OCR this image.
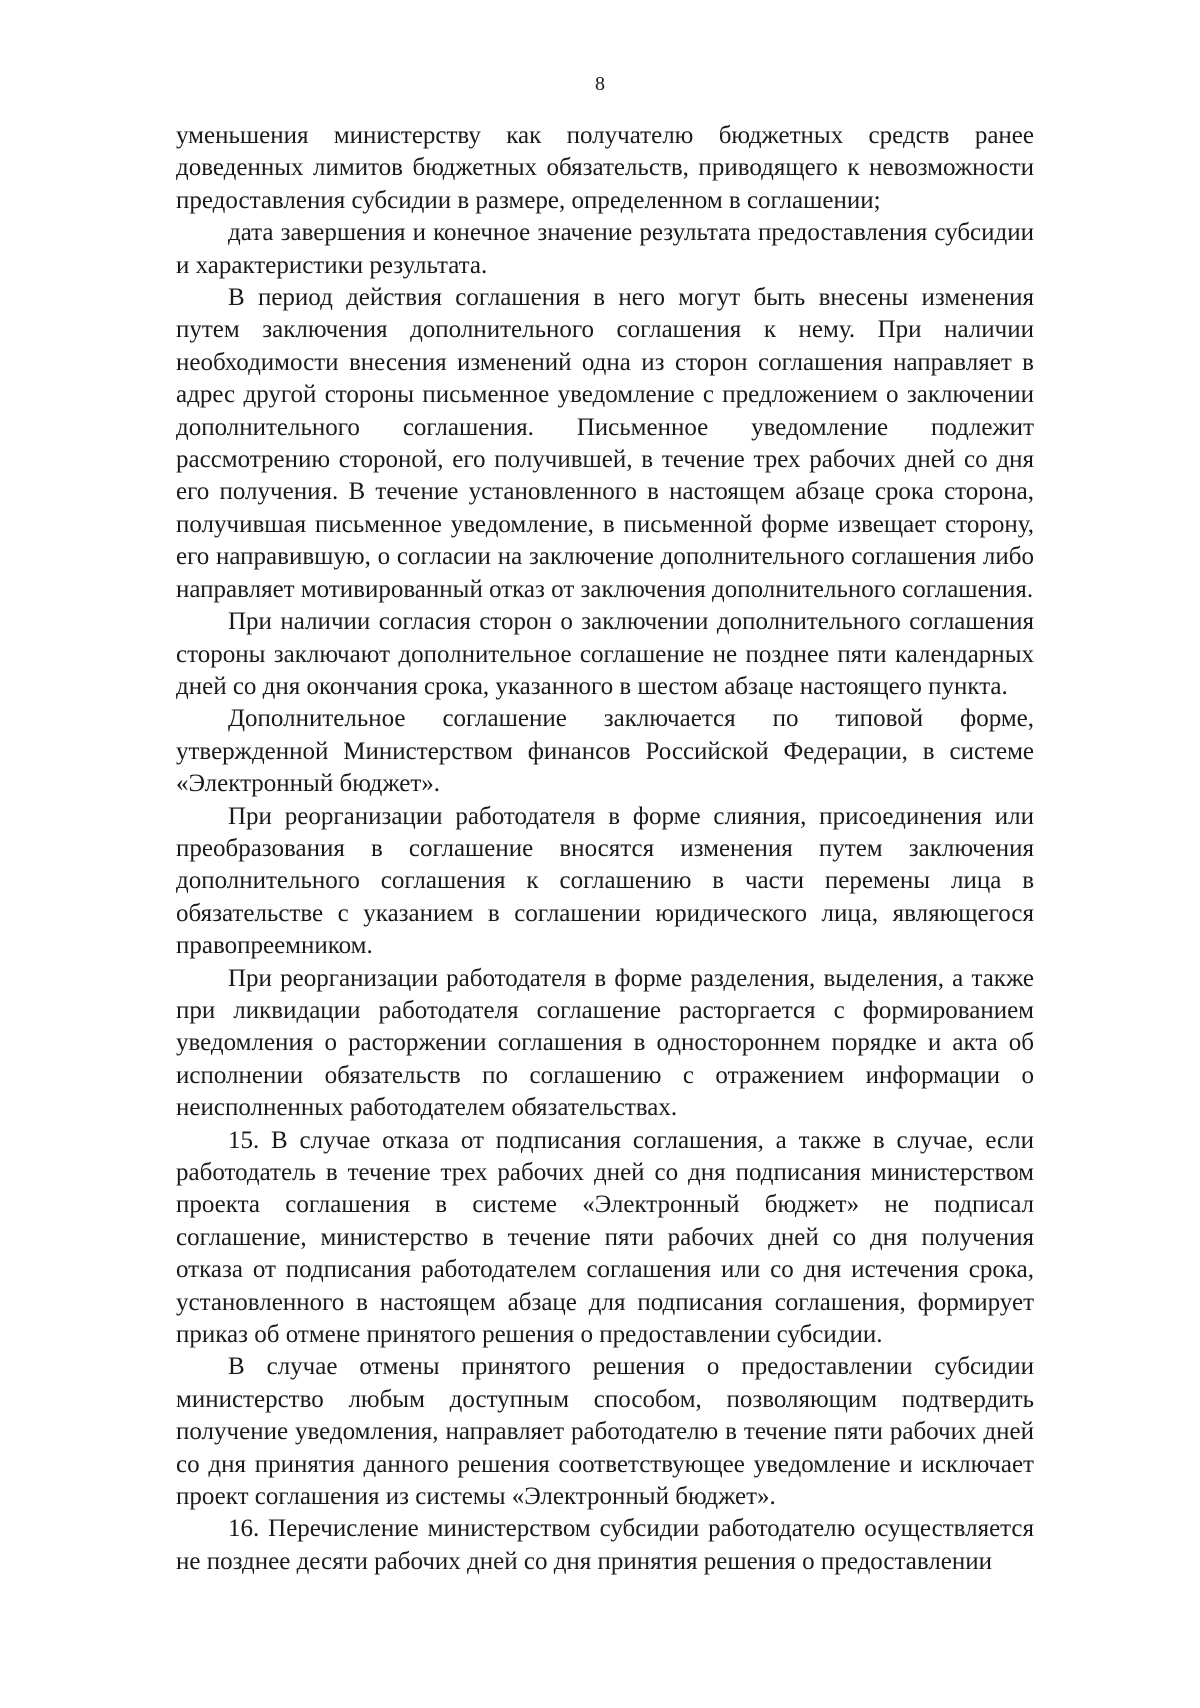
8

уменьшения министерству как получателю бюджетных средств ранее доведенных лимитов бюджетных обязательств, приводящего к невозможности предоставления субсидии в размере, определенном в соглашении;

дата завершения и конечное значение результата предоставления субсидии и характеристики результата.

В период действия соглашения в него могут быть внесены изменения путем заключения дополнительного соглашения к нему. При наличии необходимости внесения изменений одна из сторон соглашения направляет в адрес другой стороны письменное уведомление с предложением о заключении дополнительного соглашения. Письменное уведомление подлежит рассмотрению стороной, его получившей, в течение трех рабочих дней со дня его получения. В течение установленного в настоящем абзаце срока сторона, получившая письменное уведомление, в письменной форме извещает сторону, его направившую, о согласии на заключение дополнительного соглашения либо направляет мотивированный отказ от заключения дополнительного соглашения.

При наличии согласия сторон о заключении дополнительного соглашения стороны заключают дополнительное соглашение не позднее пяти календарных дней со дня окончания срока, указанного в шестом абзаце настоящего пункта.

Дополнительное соглашение заключается по типовой форме, утвержденной Министерством финансов Российской Федерации, в системе «Электронный бюджет».

При реорганизации работодателя в форме слияния, присоединения или преобразования в соглашение вносятся изменения путем заключения дополнительного соглашения к соглашению в части перемены лица в обязательстве с указанием в соглашении юридического лица, являющегося правопреемником.

При реорганизации работодателя в форме разделения, выделения, а также при ликвидации работодателя соглашение расторгается с формированием уведомления о расторжении соглашения в одностороннем порядке и акта об исполнении обязательств по соглашению с отражением информации о неисполненных работодателем обязательствах.

15. В случае отказа от подписания соглашения, а также в случае, если работодатель в течение трех рабочих дней со дня подписания министерством проекта соглашения в системе «Электронный бюджет» не подписал соглашение, министерство в течение пяти рабочих дней со дня получения отказа от подписания работодателем соглашения или со дня истечения срока, установленного в настоящем абзаце для подписания соглашения, формирует приказ об отмене принятого решения о предоставлении субсидии.

В случае отмены принятого решения о предоставлении субсидии министерство любым доступным способом, позволяющим подтвердить получение уведомления, направляет работодателю в течение пяти рабочих дней со дня принятия данного решения соответствующее уведомление и исключает проект соглашения из системы «Электронный бюджет».

16. Перечисление министерством субсидии работодателю осуществляется не позднее десяти рабочих дней со дня принятия решения о предоставлении
